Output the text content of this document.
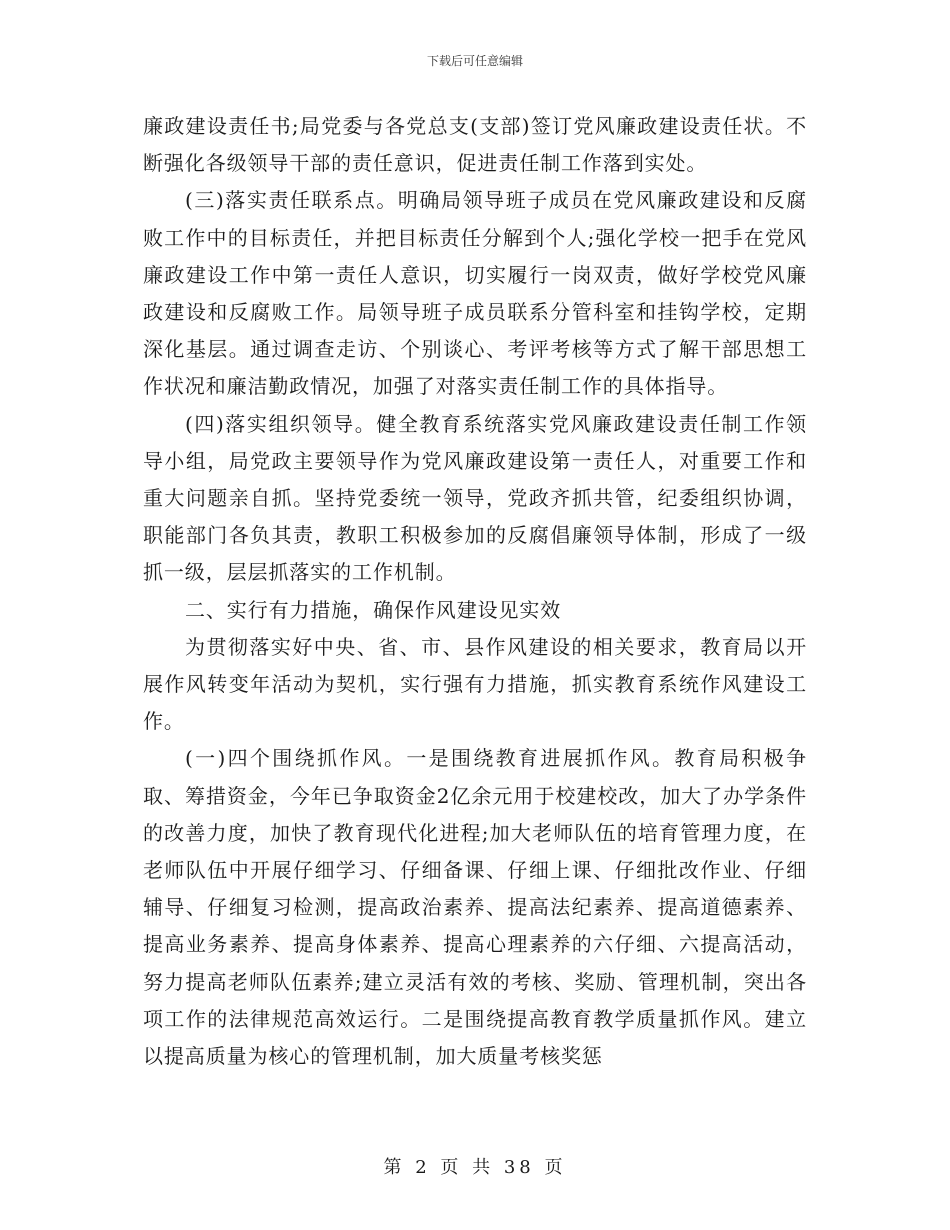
下载后可任意编辑

廉政建设责任书;局党委与各党总支(支部)签订党风廉政建设责任状。不断强化各级领导干部的责任意识，促进责任制工作落到实处。

(三)落实责任联系点。明确局领导班子成员在党风廉政建设和反腐败工作中的目标责任，并把目标责任分解到个人;强化学校一把手在党风廉政建设工作中第一责任人意识，切实履行一岗双责，做好学校党风廉政建设和反腐败工作。局领导班子成员联系分管科室和挂钩学校，定期深化基层。通过调查走访、个别谈心、考评考核等方式了解干部思想工作状况和廉洁勤政情况，加强了对落实责任制工作的具体指导。

(四)落实组织领导。健全教育系统落实党风廉政建设责任制工作领导小组，局党政主要领导作为党风廉政建设第一责任人，对重要工作和重大问题亲自抓。坚持党委统一领导，党政齐抓共管，纪委组织协调，职能部门各负其责，教职工积极参加的反腐倡廉领导体制，形成了一级抓一级，层层抓落实的工作机制。

二、实行有力措施，确保作风建设见实效

为贯彻落实好中央、省、市、县作风建设的相关要求，教育局以开展作风转变年活动为契机，实行强有力措施，抓实教育系统作风建设工作。

(一)四个围绕抓作风。一是围绕教育进展抓作风。教育局积极争取、筹措资金，今年已争取资金2亿余元用于校建校改，加大了办学条件的改善力度，加快了教育现代化进程;加大老师队伍的培育管理力度，在老师队伍中开展仔细学习、仔细备课、仔细上课、仔细批改作业、仔细辅导、仔细复习检测，提高政治素养、提高法纪素养、提高道德素养、提高业务素养、提高身体素养、提高心理素养的六仔细、六提高活动，努力提高老师队伍素养;建立灵活有效的考核、奖励、管理机制，突出各项工作的法律规范高效运行。二是围绕提高教育教学质量抓作风。建立以提高质量为核心的管理机制，加大质量考核奖惩

第 2 页 共 38 页
